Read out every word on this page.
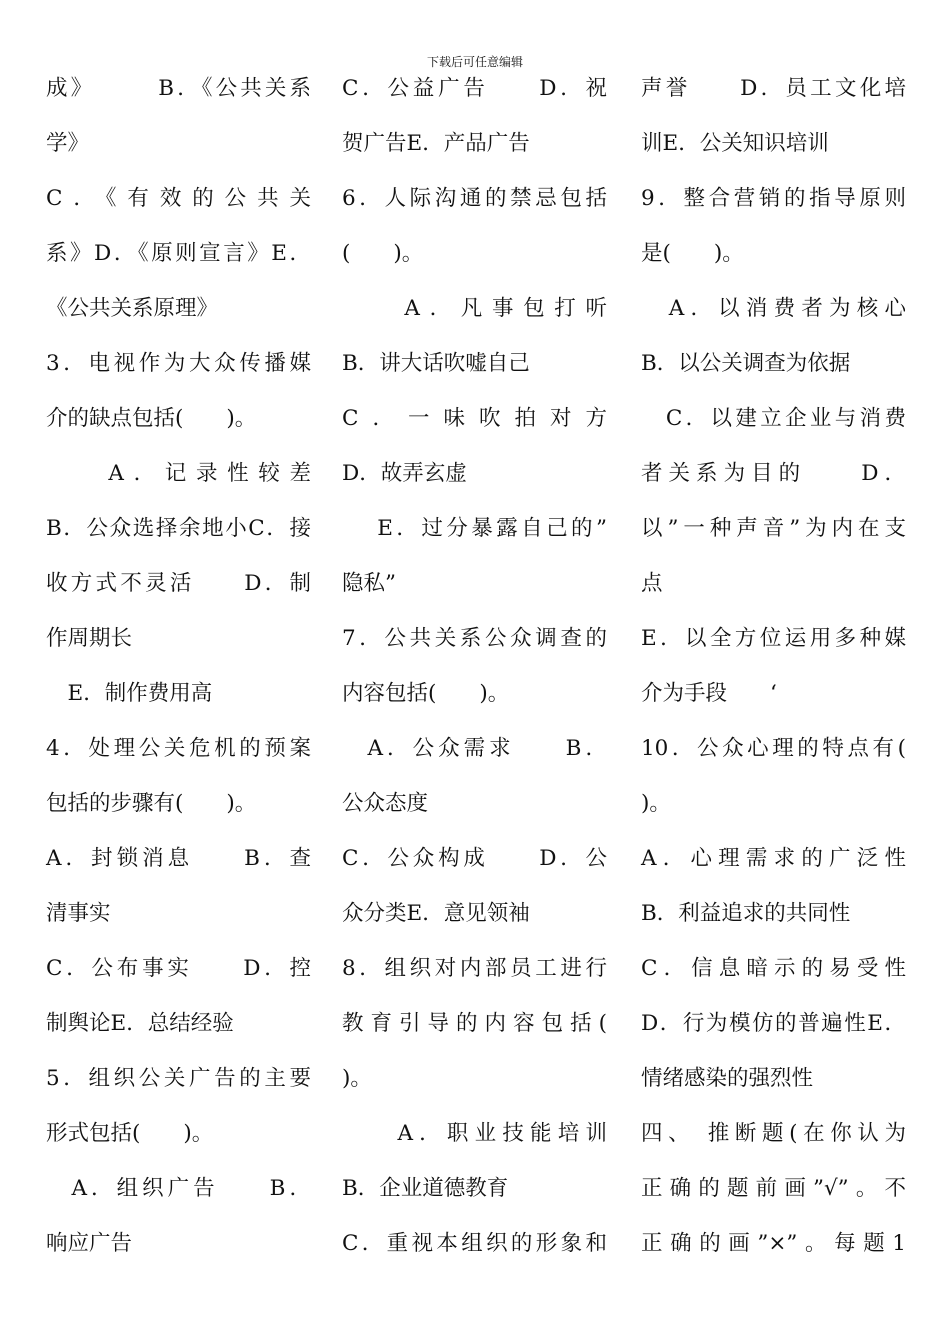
下载后可任意编辑
成》　　　B．《公共关系
学》
C．《有效的公共关
系》D．《原则宣言》E．
《公共关系原理》
3．电视作为大众传播媒
介的缺点包括(　　)。
　　A．记录性较差
B．公众选择余地小C．接
收方式不灵活　　D．制
作周期长
　E．制作费用高
4．处理公关危机的预案
包括的步骤有(　　)。
A．封锁消息　　B．查
清事实
C．公布事实　　D．控
制舆论E．总结经验
5．组织公关广告的主要
形式包括(　　)。
　A．组织广告　　B．
响应广告
C．公益广告　　D．祝
贺广告E．产品广告
6．人际沟通的禁忌包括
(　　)。
　　A．凡事包打听
B．讲大话吹嘘自己
C．一味吹拍对方
D．故弄玄虚
　 E．过分暴露自己的”
隐私”
7．公共关系公众调查的
内容包括(　　)。
　A．公众需求　　B．
公众态度
C．公众构成　　D．公
众分类E．意见领袖
8．组织对内部员工进行
教育引导的内容包括(
)。
　　A．职业技能培训
B．企业道德教育
C．重视本组织的形象和
声誉　　D．员工文化培
训E．公关知识培训
9．整合营销的指导原则
是(　　)。
　A．以消费者为核心
B．以公关调查为依据
　C．以建立企业与消费
者关系为目的　　D．
以”一种声音”为内在支
点
E．以全方位运用多种媒
介为手段　　‘
10．公众心理的特点有(
)。
A．心理需求的广泛性
B．利益追求的共同性
C．信息暗示的易受性
D．行为模仿的普遍性E．
情绪感染的强烈性
四、 推断题(在你认为
正确的题前画”√”。不
正确的画”×”。每题1
